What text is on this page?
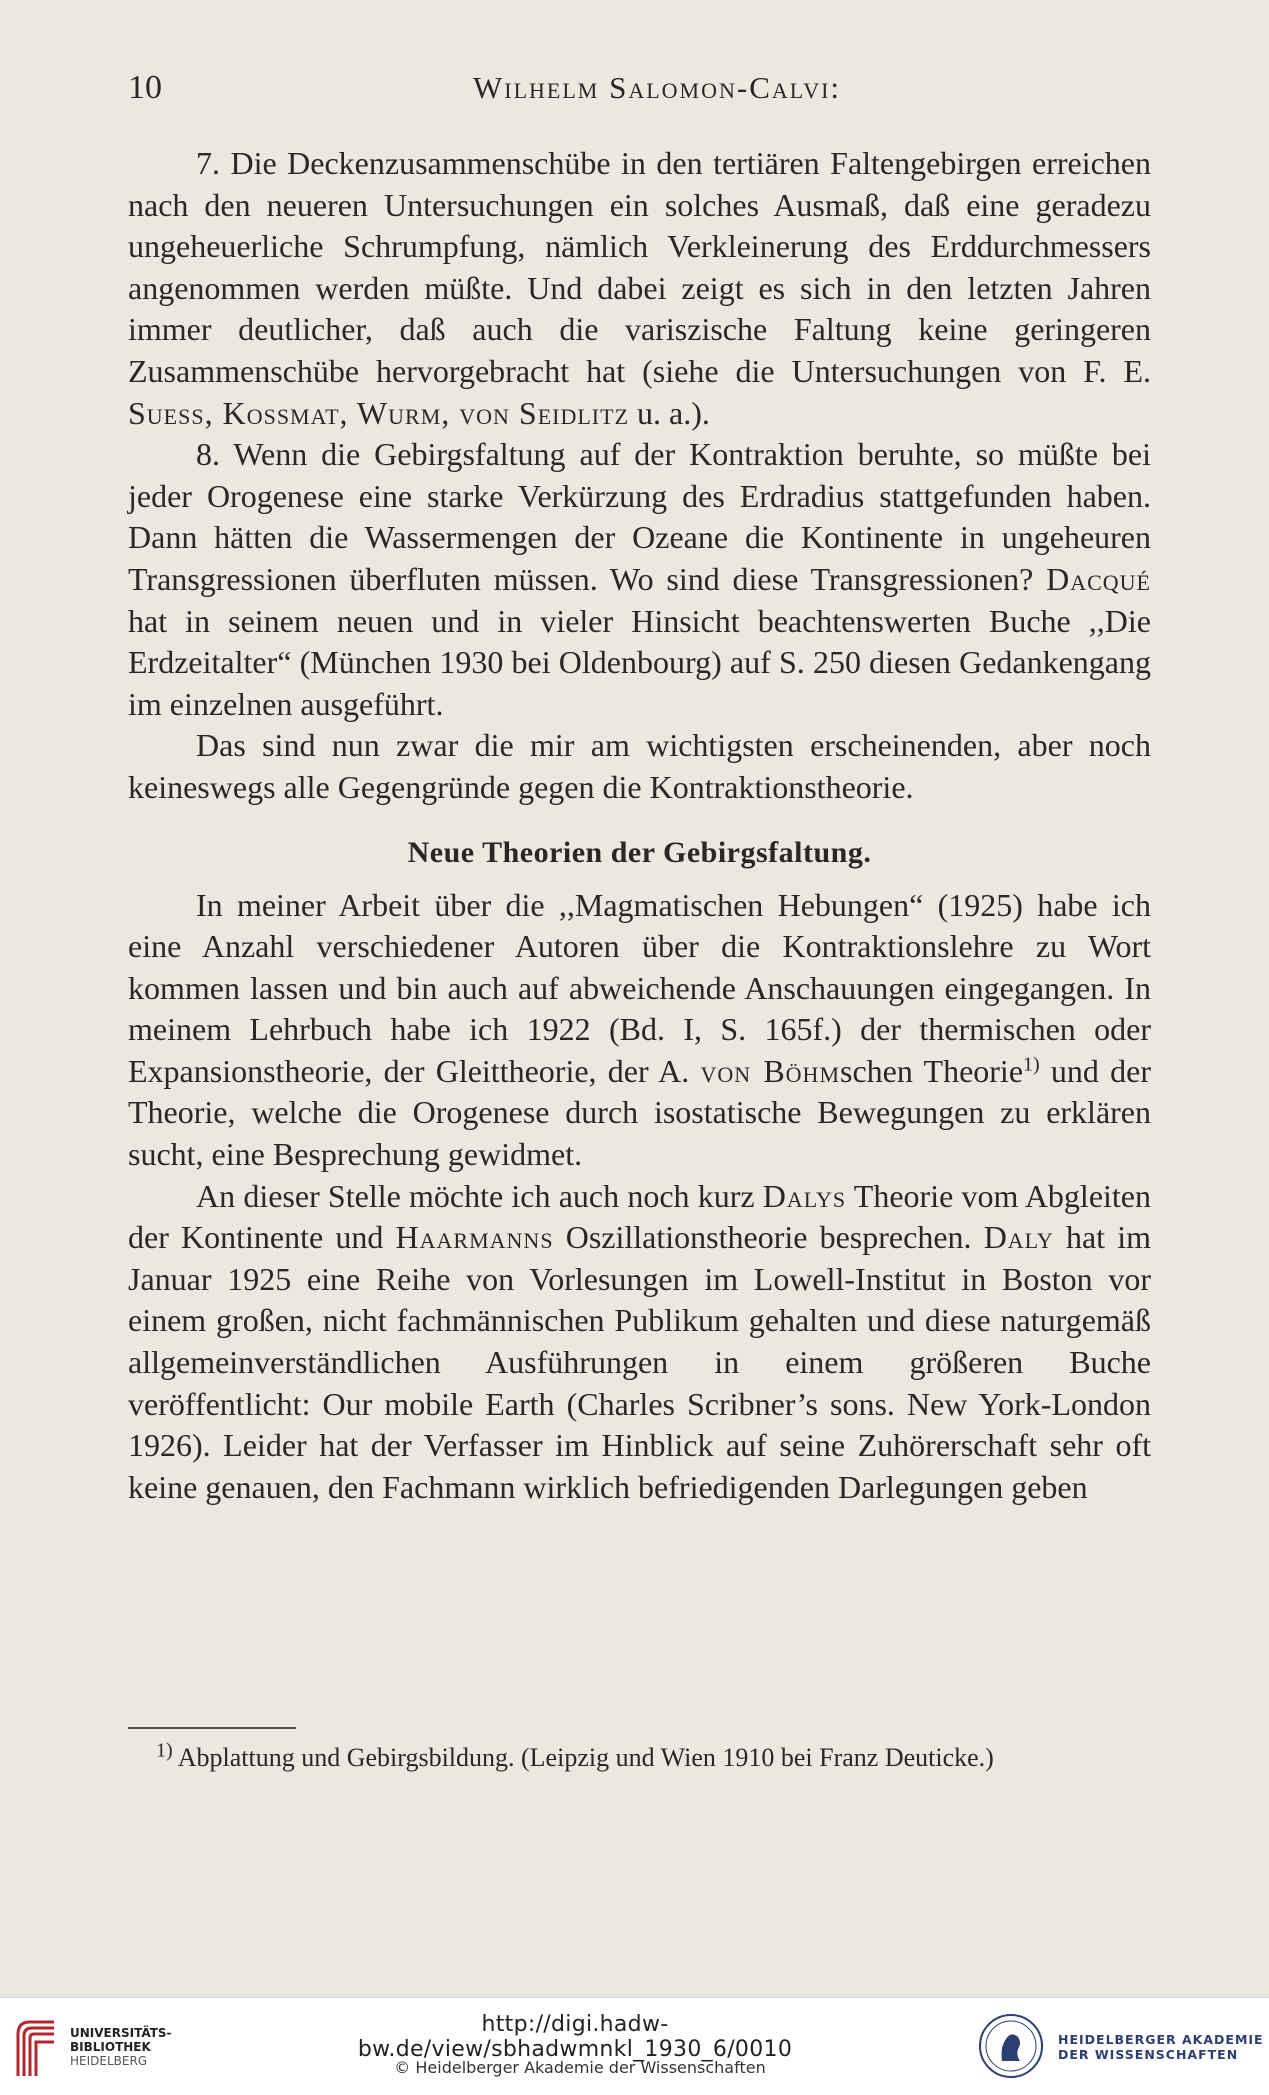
10	Wilhelm Salomon-Calvi:

7. Die Deckenzusammenschübe in den tertiären Faltengebirgen erreichen nach den neueren Untersuchungen ein solches Ausmaß, daß eine geradezu ungeheuerliche Schrumpfung, nämlich Verkleinerung des Erddurchmessers angenommen werden müßte. Und dabei zeigt es sich in den letzten Jahren immer deutlicher, daß auch die variszische Faltung keine geringeren Zusammenschübe hervorgebracht hat (siehe die Untersuchungen von F. E. Suess, Kossmat, Wurm, von Seidlitz u. a.).

8. Wenn die Gebirgsfaltung auf der Kontraktion beruhte, so müßte bei jeder Orogenese eine starke Verkürzung des Erdradius stattgefunden haben. Dann hätten die Wassermengen der Ozeane die Kontinente in ungeheuren Transgressionen überfluten müssen. Wo sind diese Transgressionen? Dacqué hat in seinem neuen und in vieler Hinsicht beachtenswerten Buche ,,Die Erdzeitalter“ (München 1930 bei Oldenbourg) auf S. 250 diesen Gedankengang im einzelnen ausgeführt.

Das sind nun zwar die mir am wichtigsten erscheinenden, aber noch keineswegs alle Gegengründe gegen die Kontraktionstheorie.

Neue Theorien der Gebirgsfaltung.

In meiner Arbeit über die ,,Magmatischen Hebungen“ (1925) habe ich eine Anzahl verschiedener Autoren über die Kontraktionslehre zu Wort kommen lassen und bin auch auf abweichende Anschauungen eingegangen. In meinem Lehrbuch habe ich 1922 (Bd. I, S. 165f.) der thermischen oder Expansionstheorie, der Gleittheorie, der A. von Böhmschen Theorie$^{1)}$ und der Theorie, welche die Orogenese durch isostatische Bewegungen zu erklären sucht, eine Besprechung gewidmet.

An dieser Stelle möchte ich auch noch kurz Dalys Theorie vom Abgleiten der Kontinente und Haarmanns Oszillationstheorie besprechen. Daly hat im Januar 1925 eine Reihe von Vorlesungen im Lowell-Institut in Boston vor einem großen, nicht fachmännischen Publikum gehalten und diese naturgemäß allgemeinverständlichen Ausführungen in einem größeren Buche veröffentlicht: Our mobile Earth (Charles Scribner’s sons. New York-London 1926). Leider hat der Verfasser im Hinblick auf seine Zuhörerschaft sehr oft keine genauen, den Fachmann wirklich befriedigenden Darlegungen geben

$^{1)}$ Abplattung und Gebirgsbildung. (Leipzig und Wien 1910 bei Franz Deuticke.)

UNIVERSITÄTS-
BIBLIOTHEK
HEIDELBERG
http://digi.hadw-bw.de/view/sbhadwmnkl_1930_6/0010
© Heidelberger Akademie der Wissenschaften
HEIDELBERGER AKADEMIE
DER WISSENSCHAFTEN
